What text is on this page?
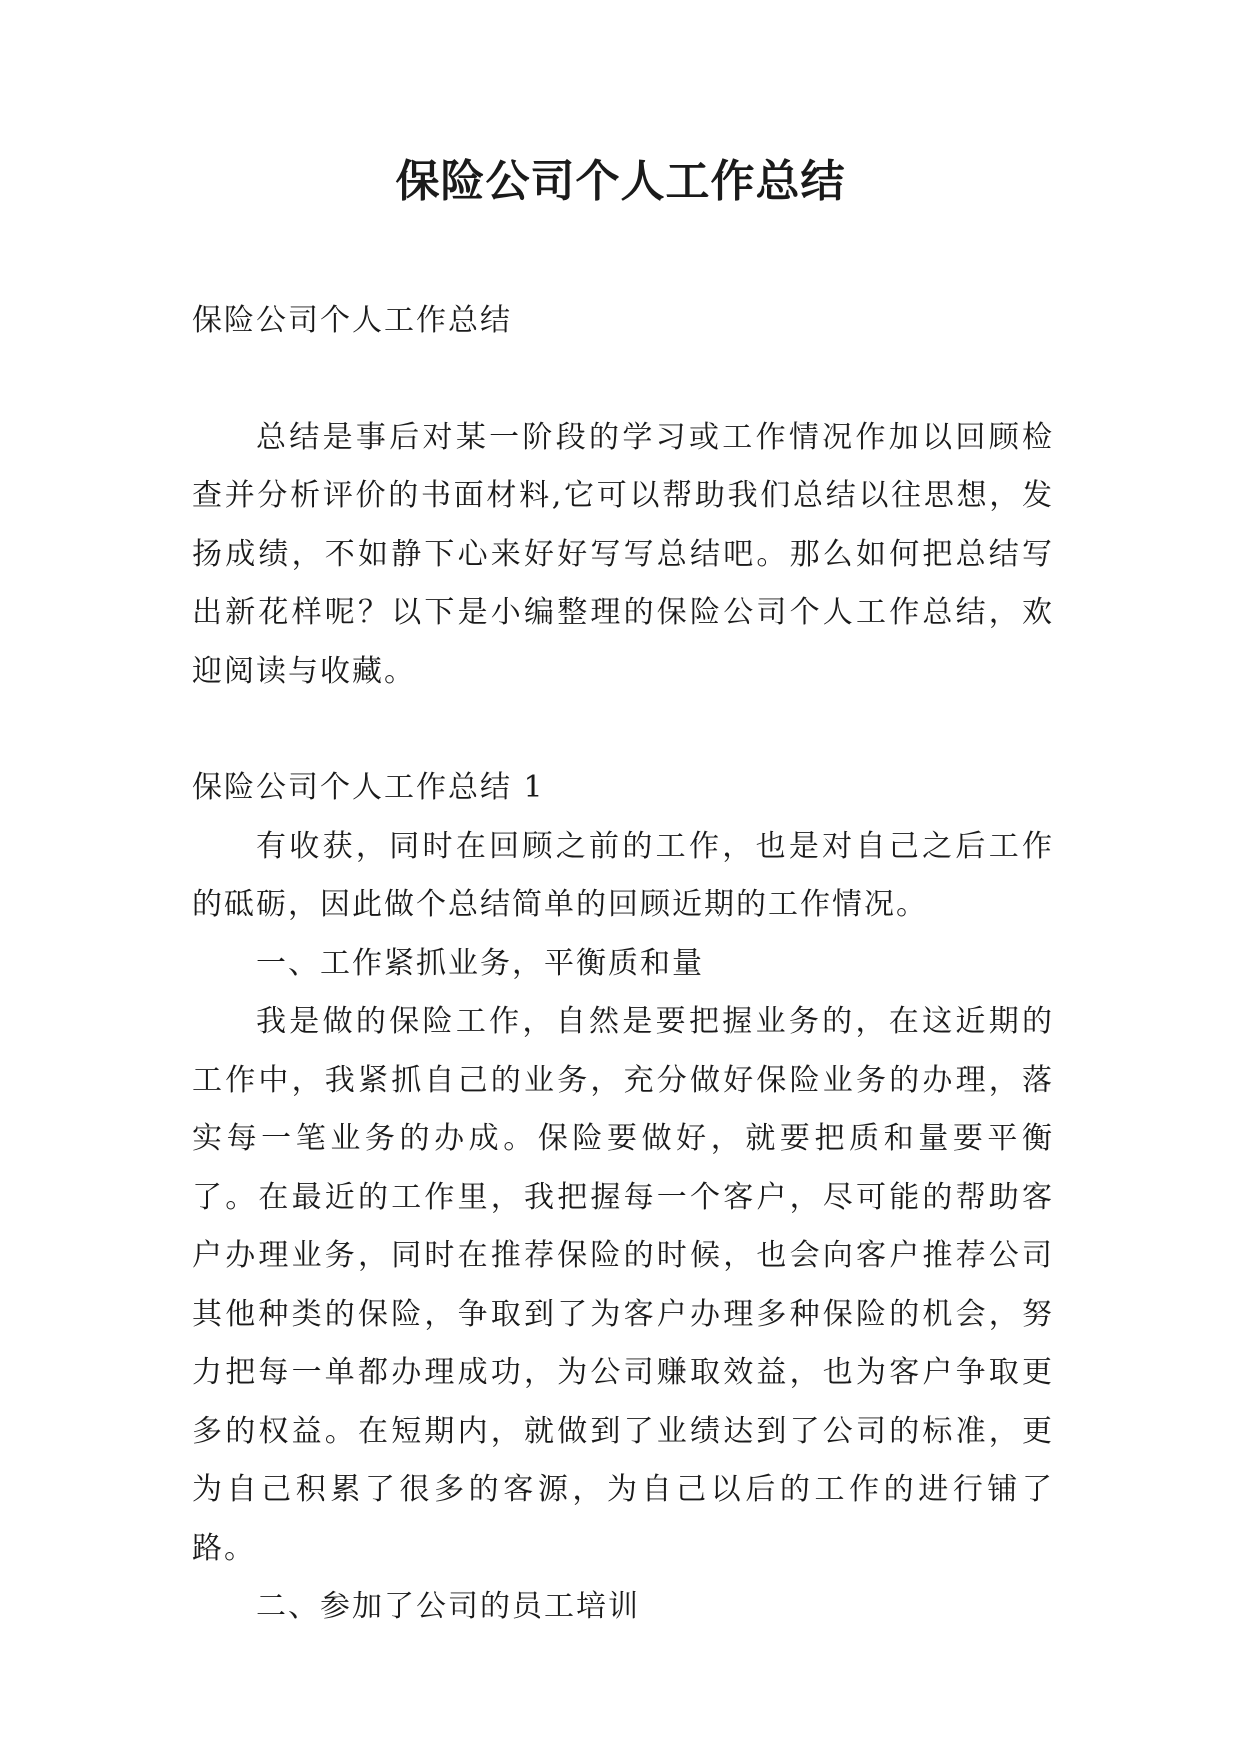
保险公司个人工作总结

保险公司个人工作总结

总结是事后对某一阶段的学习或工作情况作加以回顾检查并分析评价的书面材料,它可以帮助我们总结以往思想，发扬成绩，不如静下心来好好写写总结吧。那么如何把总结写出新花样呢？以下是小编整理的保险公司个人工作总结，欢迎阅读与收藏。

保险公司个人工作总结 1

有收获，同时在回顾之前的工作，也是对自己之后工作的砥砺，因此做个总结简单的回顾近期的工作情况。

一、工作紧抓业务，平衡质和量

我是做的保险工作，自然是要把握业务的，在这近期的工作中，我紧抓自己的业务，充分做好保险业务的办理，落实每一笔业务的办成。保险要做好，就要把质和量要平衡了。在最近的工作里，我把握每一个客户，尽可能的帮助客户办理业务，同时在推荐保险的时候，也会向客户推荐公司其他种类的保险，争取到了为客户办理多种保险的机会，努力把每一单都办理成功，为公司赚取效益，也为客户争取更多的权益。在短期内，就做到了业绩达到了公司的标准，更为自己积累了很多的客源，为自己以后的工作的进行铺了路。

二、参加了公司的员工培训
